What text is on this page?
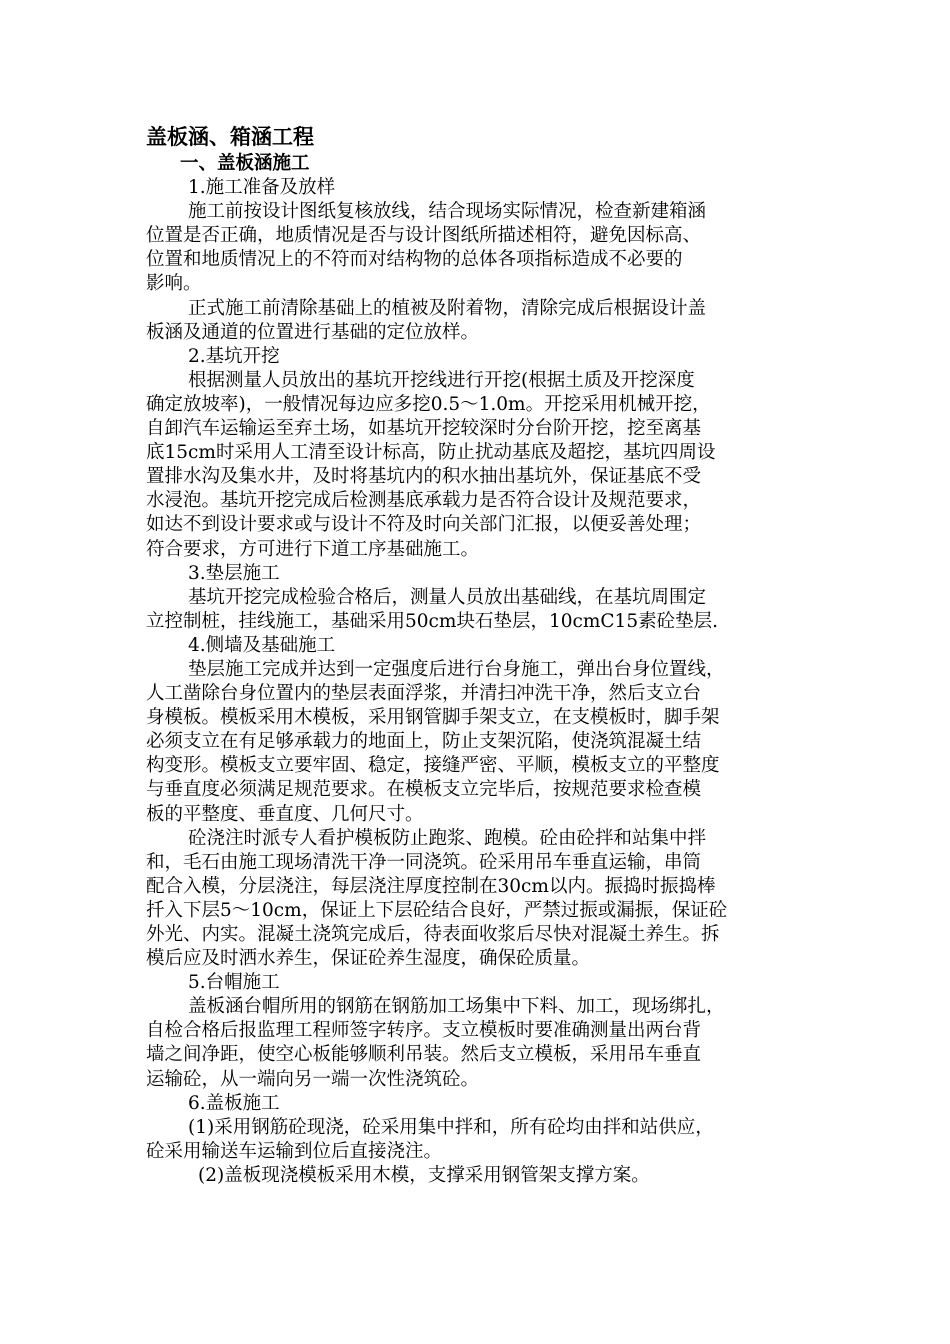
盖板涵、箱涵工程
一、盖板涵施工
1.施工准备及放样
施工前按设计图纸复核放线，结合现场实际情况，检查新建箱涵
位置是否正确，地质情况是否与设计图纸所描述相符，避免因标高、
位置和地质情况上的不符而对结构物的总体各项指标造成不必要的
影响。
正式施工前清除基础上的植被及附着物，清除完成后根据设计盖
板涵及通道的位置进行基础的定位放样。
2.基坑开挖
根据测量人员放出的基坑开挖线进行开挖(根据土质及开挖深度
确定放坡率)，一般情况每边应多挖0.5～1.0m。开挖采用机械开挖，
自卸汽车运输运至弃土场，如基坑开挖较深时分台阶开挖，挖至离基
底15cm时采用人工清至设计标高，防止扰动基底及超挖，基坑四周设
置排水沟及集水井，及时将基坑内的积水抽出基坑外，保证基底不受
水浸泡。基坑开挖完成后检测基底承载力是否符合设计及规范要求，
如达不到设计要求或与设计不符及时向关部门汇报，以便妥善处理；
符合要求，方可进行下道工序基础施工。
3.垫层施工
基坑开挖完成检验合格后，测量人员放出基础线，在基坑周围定
立控制桩，挂线施工，基础采用50cm块石垫层，10cmC15素砼垫层.
4.侧墙及基础施工
垫层施工完成并达到一定强度后进行台身施工，弹出台身位置线，
人工凿除台身位置内的垫层表面浮浆，并清扫冲洗干净，然后支立台
身模板。模板采用木模板，采用钢管脚手架支立，在支模板时，脚手架
必须支立在有足够承载力的地面上，防止支架沉陷，使浇筑混凝土结
构变形。模板支立要牢固、稳定，接缝严密、平顺，模板支立的平整度
与垂直度必须满足规范要求。在模板支立完毕后，按规范要求检查模
板的平整度、垂直度、几何尺寸。
砼浇注时派专人看护模板防止跑浆、跑模。砼由砼拌和站集中拌
和，毛石由施工现场清洗干净一同浇筑。砼采用吊车垂直运输，串筒
配合入模，分层浇注，每层浇注厚度控制在30cm以内。振捣时振捣棒
扦入下层5～10cm，保证上下层砼结合良好，严禁过振或漏振，保证砼
外光、内实。混凝土浇筑完成后，待表面收浆后尽快对混凝土养生。拆
模后应及时洒水养生，保证砼养生湿度，确保砼质量。
5.台帽施工
盖板涵台帽所用的钢筋在钢筋加工场集中下料、加工，现场绑扎，
自检合格后报监理工程师签字转序。支立模板时要准确测量出两台背
墙之间净距，使空心板能够顺利吊装。然后支立模板，采用吊车垂直
运输砼，从一端向另一端一次性浇筑砼。
6.盖板施工
(1)采用钢筋砼现浇，砼采用集中拌和，所有砼均由拌和站供应，
砼采用输送车运输到位后直接浇注。
(2)盖板现浇模板采用木模，支撑采用钢管架支撑方案。
